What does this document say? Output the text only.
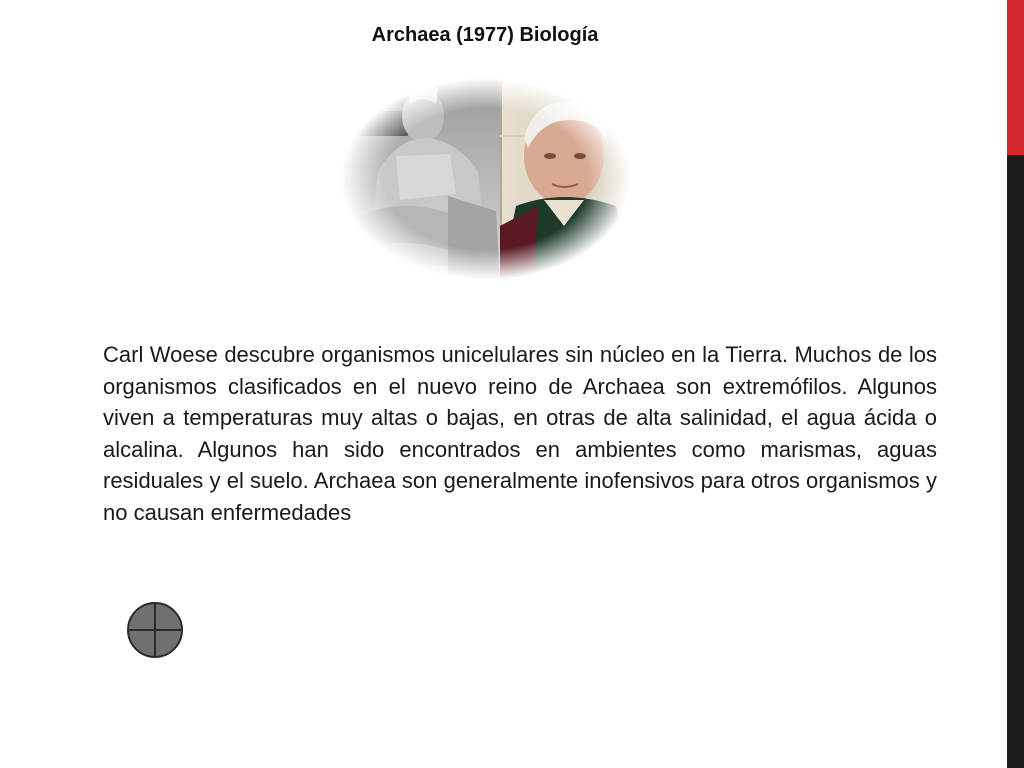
Archaea (1977) Biología

Carl Woese descubre organismos unicelulares sin núcleo en la Tierra. Muchos de los organismos clasificados en el nuevo reino de Archaea son extremófilos. Algunos viven a temperaturas muy altas o bajas, en otras de alta salinidad, el agua ácida o alcalina. Algunos han sido encontrados en ambientes como marismas, aguas residuales y el suelo. Archaea son generalmente inofensivos para otros organismos y no causan enfermedades
